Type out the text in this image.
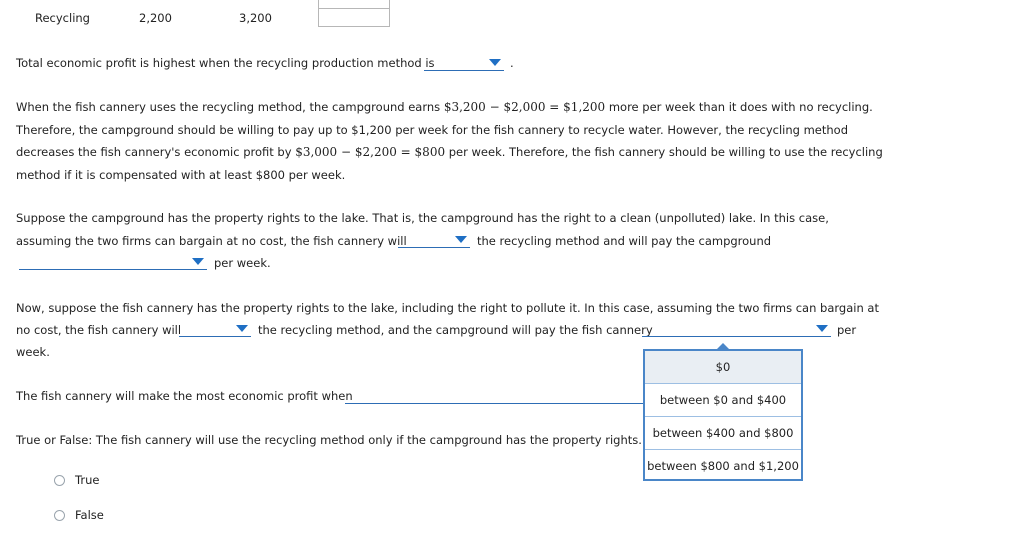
Recycling	2,200	3,200
Total economic profit is highest when the recycling production method is	.
When the fish cannery uses the recycling method, the campground earns $3,200 − $2,000 = $1,200 more per week than it does with no recycling.
Therefore, the campground should be willing to pay up to $1,200 per week for the fish cannery to recycle water. However, the recycling method
decreases the fish cannery's economic profit by $3,000 − $2,200 = $800 per week. Therefore, the fish cannery should be willing to use the recycling
method if it is compensated with at least $800 per week.
Suppose the campground has the property rights to the lake. That is, the campground has the right to a clean (unpolluted) lake. In this case,
assuming the two firms can bargain at no cost, the fish cannery will	the recycling method and will pay the campground
per week.
Now, suppose the fish cannery has the property rights to the lake, including the right to pollute it. In this case, assuming the two firms can bargain at
no cost, the fish cannery will	the recycling method, and the campground will pay the fish cannery	per
week.
The fish cannery will make the most economic profit when
True or False: The fish cannery will use the recycling method only if the campground has the property rights.
True
False
$0
between $0 and $400
between $400 and $800
between $800 and $1,200
